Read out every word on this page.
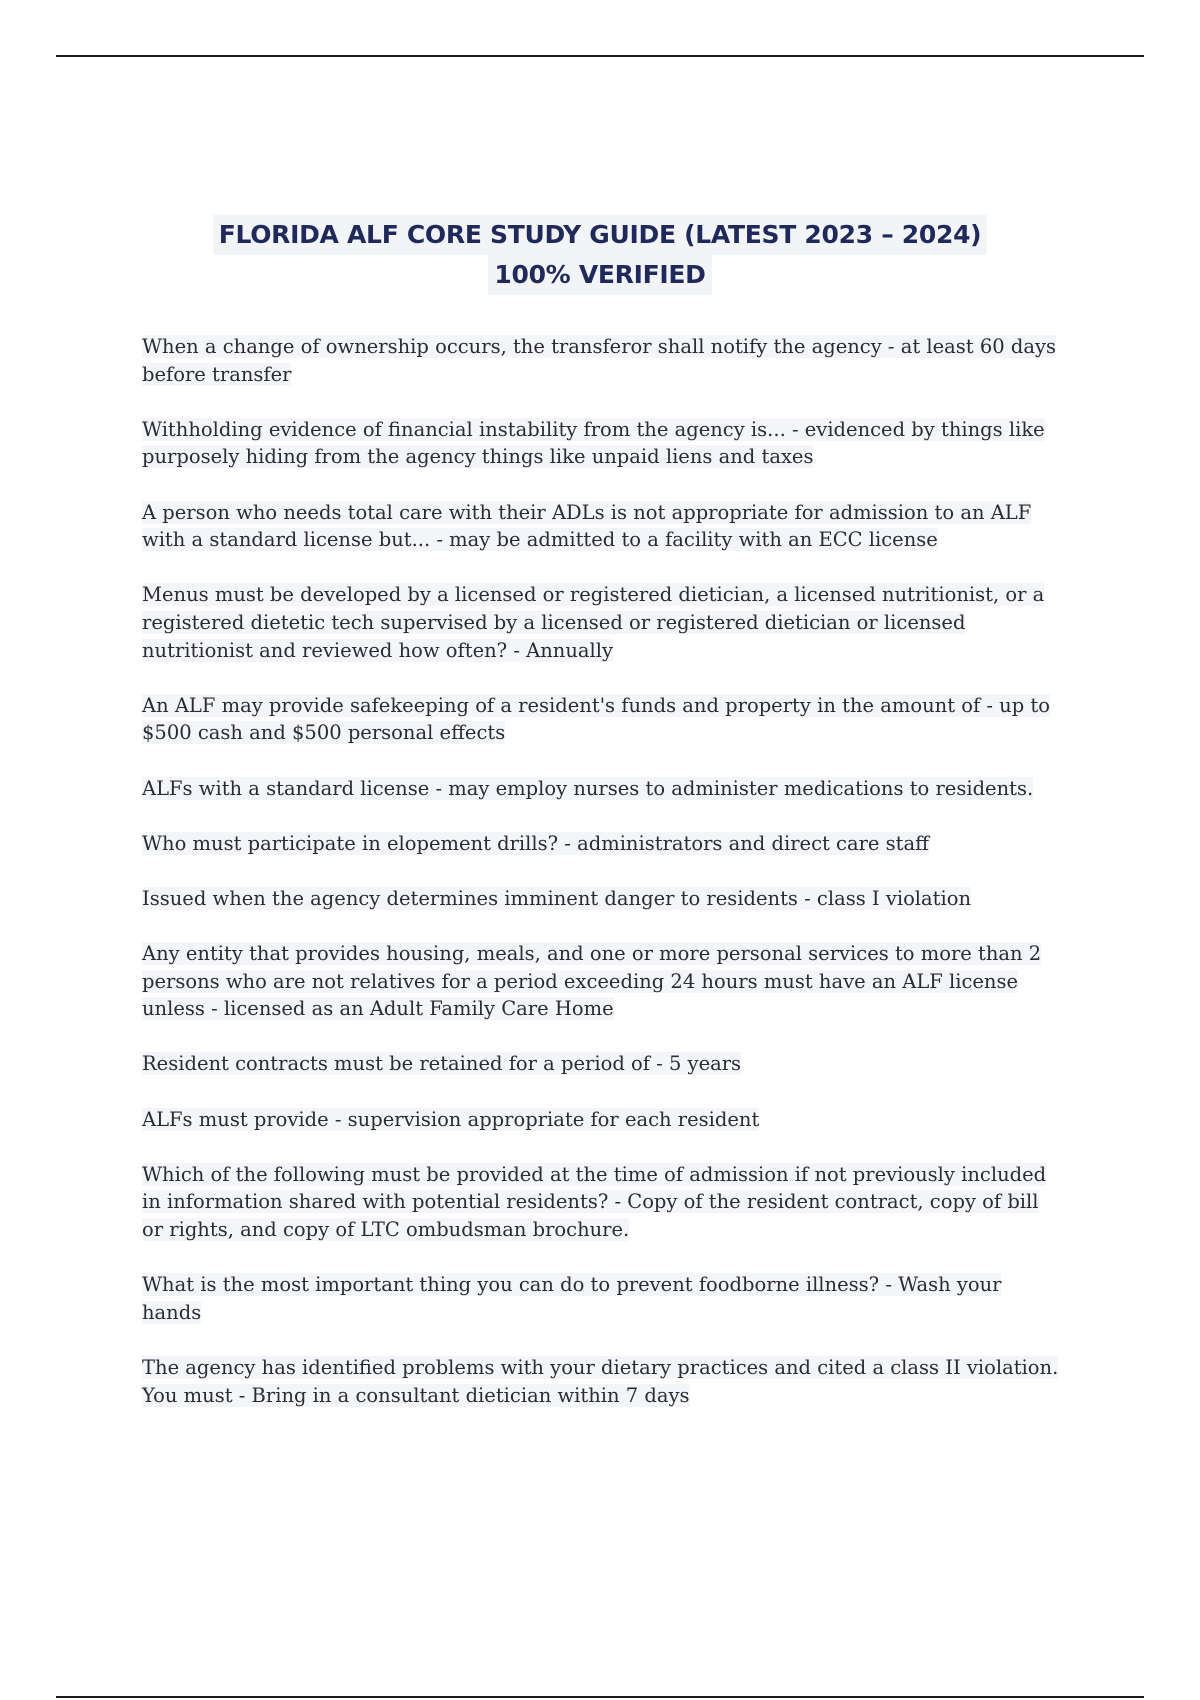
FLORIDA ALF CORE STUDY GUIDE (LATEST 2023 – 2024)
100% VERIFIED
When a change of ownership occurs, the transferor shall notify the agency - at least 60 days before transfer
Withholding evidence of financial instability from the agency is... - evidenced by things like purposely hiding from the agency things like unpaid liens and taxes
A person who needs total care with their ADLs is not appropriate for admission to an ALF with a standard license but... - may be admitted to a facility with an ECC license
Menus must be developed by a licensed or registered dietician, a licensed nutritionist, or a registered dietetic tech supervised by a licensed or registered dietician or licensed nutritionist and reviewed how often? - Annually
An ALF may provide safekeeping of a resident's funds and property in the amount of - up to $500 cash and $500 personal effects
ALFs with a standard license - may employ nurses to administer medications to residents.
Who must participate in elopement drills? - administrators and direct care staff
Issued when the agency determines imminent danger to residents - class I violation
Any entity that provides housing, meals, and one or more personal services to more than 2 persons who are not relatives for a period exceeding 24 hours must have an ALF license unless - licensed as an Adult Family Care Home
Resident contracts must be retained for a period of - 5 years
ALFs must provide - supervision appropriate for each resident
Which of the following must be provided at the time of admission if not previously included in information shared with potential residents? - Copy of the resident contract, copy of bill or rights, and copy of LTC ombudsman brochure.
What is the most important thing you can do to prevent foodborne illness? - Wash your hands
The agency has identified problems with your dietary practices and cited a class II violation. You must - Bring in a consultant dietician within 7 days
